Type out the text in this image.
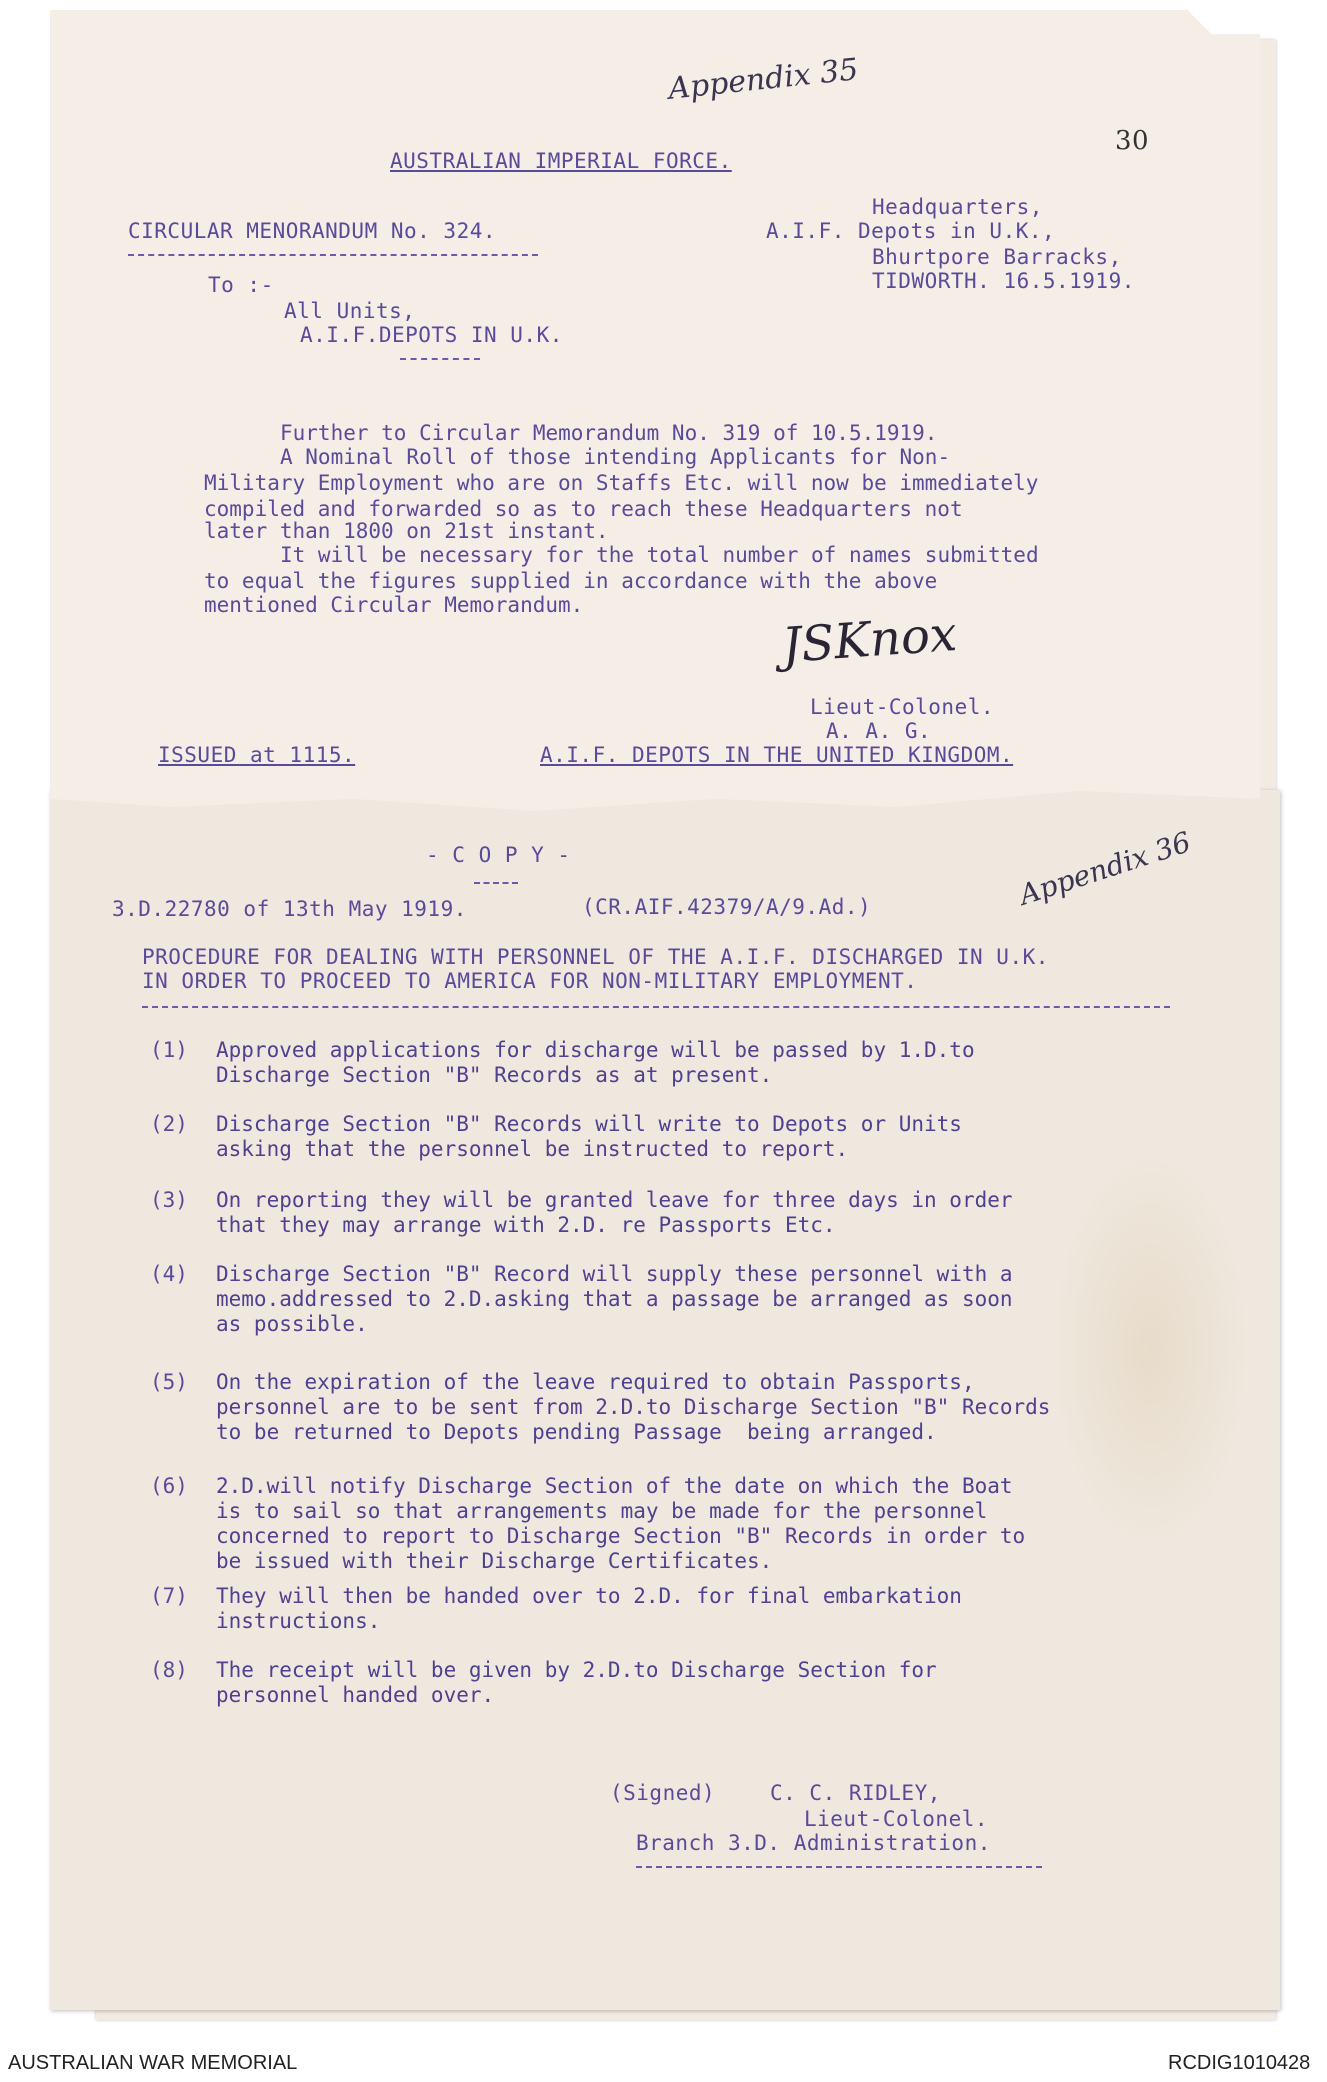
Appendix 35
30
AUSTRALIAN IMPERIAL FORCE.
CIRCULAR MENORANDUM No. 324.
Headquarters,
A.I.F. Depots in U.K.,
Bhurtpore Barracks,
TIDWORTH. 16.5.1919.
To :-
All Units,
A.I.F.DEPOTS IN U.K.
Further to Circular Memorandum No. 319 of 10.5.1919.
A Nominal Roll of those intending Applicants for Non-
Military Employment who are on Staffs Etc. will now be immediately
compiled and forwarded so as to reach these Headquarters not
later than 1800 on 21st instant.
It will be necessary for the total number of names submitted
to equal the figures supplied in accordance with the above
mentioned Circular Memorandum.
JSKnox
Lieut-Colonel.
A. A. G.
ISSUED at 1115.	A.I.F. DEPOTS IN THE UNITED KINGDOM.
- C O P Y -	Appendix 36
3.D.22780 of 13th May 1919.	(CR.AIF.42379/A/9.Ad.)
PROCEDURE FOR DEALING WITH PERSONNEL OF THE A.I.F. DISCHARGED IN U.K.
IN ORDER TO PROCEED TO AMERICA FOR NON-MILITARY EMPLOYMENT.
(1) Approved applications for discharge will be passed by 1.D.to
Discharge Section "B" Records as at present.
(2) Discharge Section "B" Records will write to Depots or Units
asking that the personnel be instructed to report.
(3) On reporting they will be granted leave for three days in order
that they may arrange with 2.D. re Passports Etc.
(4) Discharge Section "B" Record will supply these personnel with a
memo.addressed to 2.D.asking that a passage be arranged as soon
as possible.
(5) On the expiration of the leave required to obtain Passports,
personnel are to be sent from 2.D.to Discharge Section "B" Records
to be returned to Depots pending Passage  being arranged.
(6) 2.D.will notify Discharge Section of the date on which the Boat
is to sail so that arrangements may be made for the personnel
concerned to report to Discharge Section "B" Records in order to
be issued with their Discharge Certificates.
(7) They will then be handed over to 2.D. for final embarkation
instructions.
(8) The receipt will be given by 2.D.to Discharge Section for
personnel handed over.
(Signed)	C. C. RIDLEY,
Lieut-Colonel.
Branch 3.D. Administration.
AUSTRALIAN WAR MEMORIAL	RCDIG1010428
